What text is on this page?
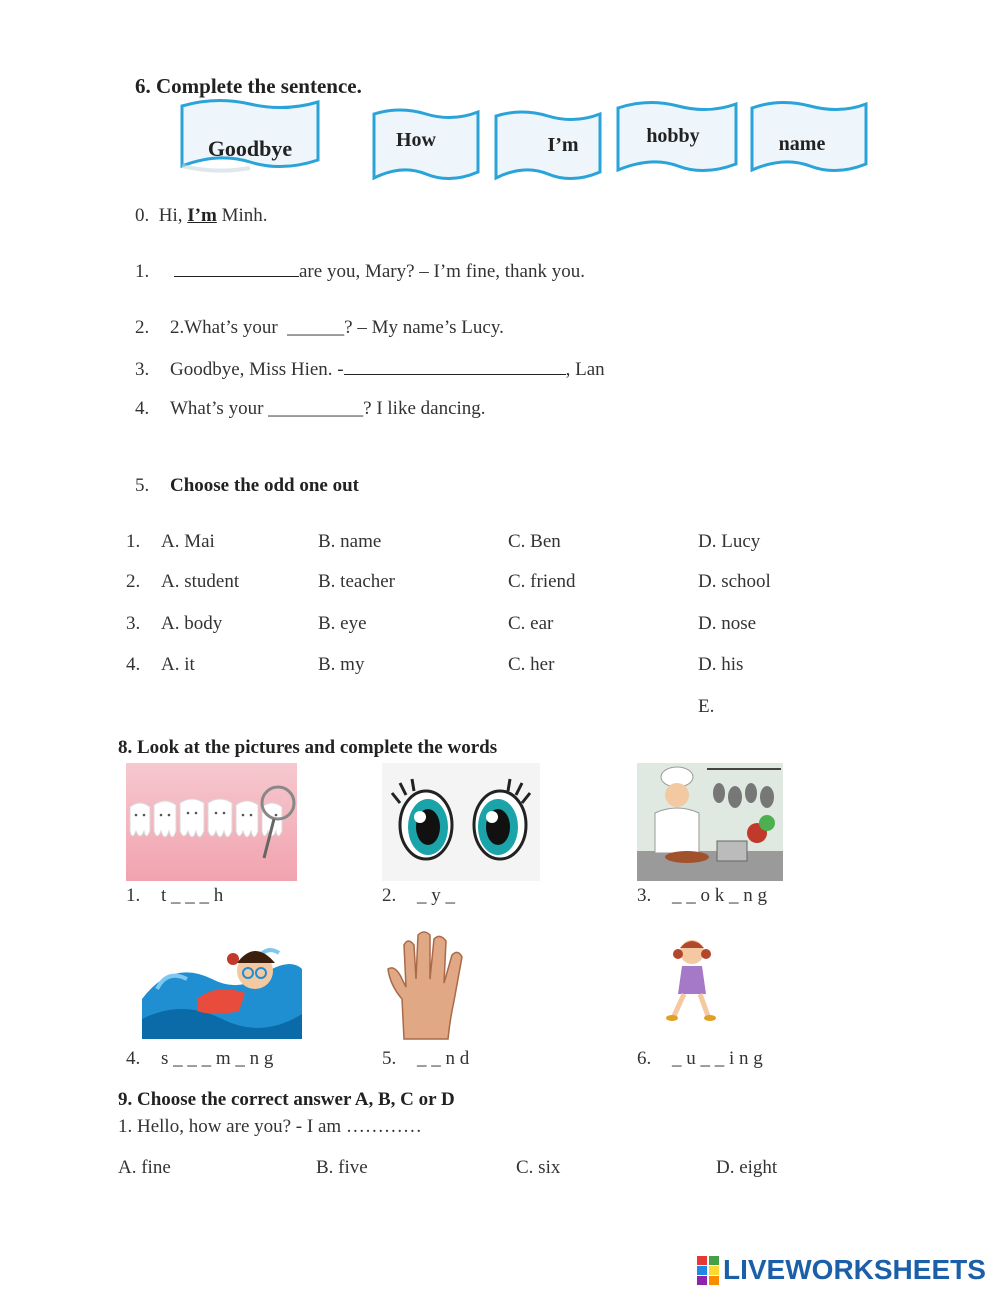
6. Complete the sentence.
Goodbye	How	I’m	hobby	name
0.  Hi, I’m Minh.
1.	are you, Mary? – I’m fine, thank you.
2. 2.What’s your  ______? – My name’s Lucy.
3. Goodbye, Miss Hien. -	, Lan
4. What’s your __________? I like dancing.
5. Choose the odd one out
1. A. Mai	B. name	C. Ben	D. Lucy
2. A. student	B. teacher	C. friend	D. school
3. A. body	B. eye	C. ear	D. nose
4. A. it	B. my	C. her	D. his
E.
8. Look at the pictures and complete the words
1. t _ _ _ h	2. _ y _	3. _ _ o k _ n g
4. s _ _ _ m _ n g	5. _ _ n d	6. _ u _ _ i n g
9. Choose the correct answer A, B, C or D
1. Hello, how are you? - I am …………
A. fine	B. five	C. six	D. eight
LIVEWORKSHEETS
